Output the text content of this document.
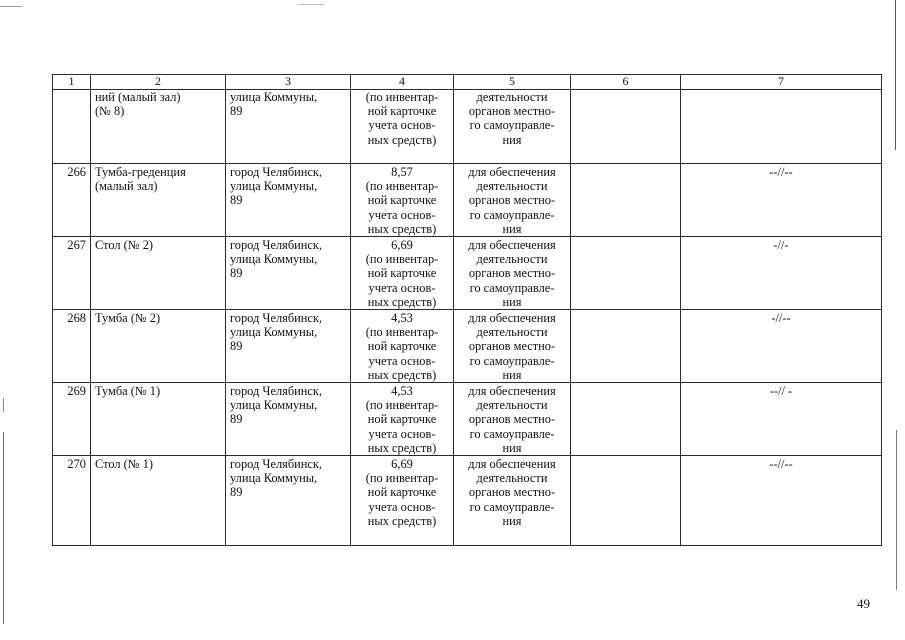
1	2	3	4	5	6	7

	ний (малый зал)
(№ 8)	улица Коммуны,
89	(по инвентар-
ной карточке
учета основ-
ных средств)	деятельности
органов местно-
го самоуправле-
ния		

266	Тумба-греденция
(малый зал)	город Челябинск,
улица Коммуны,
89	8,57
(по инвентар-
ной карточке
учета основ-
ных средств)	для обеспечения
деятельности
органов местно-
го самоуправле-
ния		--//--
267	Стол (№ 2)	город Челябинск,
улица Коммуны,
89	6,69
(по инвентар-
ной карточке
учета основ-
ных средств)	для обеспечения
деятельности
органов местно-
го самоуправле-
ния		-//-
268	Тумба (№ 2)	город Челябинск,
улица Коммуны,
89	4,53
(по инвентар-
ной карточке
учета основ-
ных средств)	для обеспечения
деятельности
органов местно-
го самоуправле-
ния		-//--
269	Тумба (№ 1)	город Челябинск,
улица Коммуны,
89	4,53
(по инвентар-
ной карточке
учета основ-
ных средств)	для обеспечения
деятельности
органов местно-
го самоуправле-
ния		--// -
270	Стол (№ 1)	город Челябинск,
улица Коммуны,
89	6,69
(по инвентар-
ной карточке
учета основ-
ных средств)	для обеспечения
деятельности
органов местно-
го самоуправле-
ния		--//--
49
